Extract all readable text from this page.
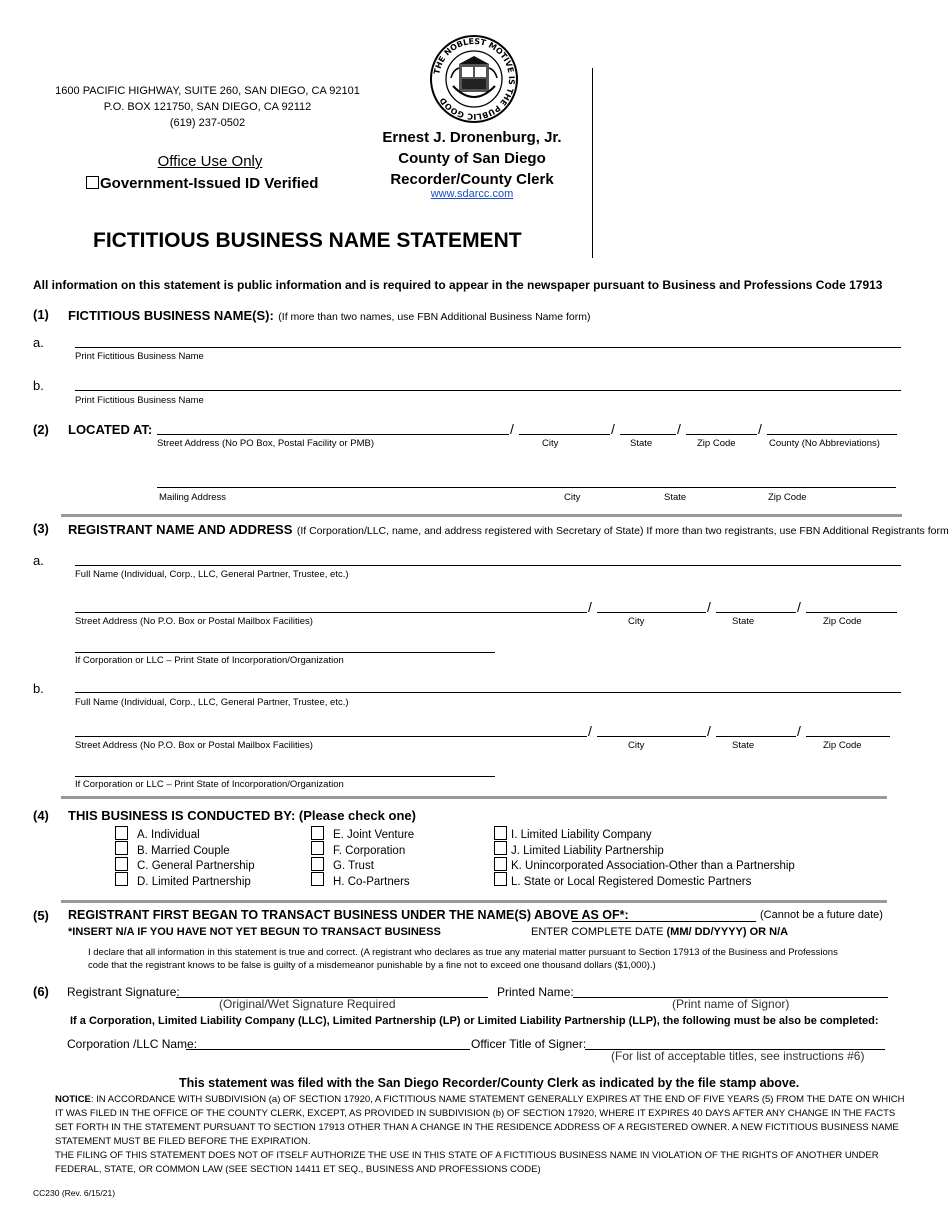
1600 PACIFIC HIGHWAY, SUITE 260, SAN DIEGO, CA 92101
P.O. BOX 121750, SAN DIEGO, CA 92112
(619) 237-0502
Office Use Only
Government-Issued ID Verified
THE NOBLEST MOTIVE IS THE PUBLIC GOOD
Ernest J. Dronenburg, Jr.
County of San Diego
Recorder/County Clerk
www.sdarcc.com
FICTITIOUS BUSINESS NAME STATEMENT
All information on this statement is public information and is required to appear in the newspaper pursuant to Business and Professions Code 17913
(1) FICTITIOUS BUSINESS NAME(S): (If more than two names, use FBN Additional Business Name form)
a.
Print Fictitious Business Name
b.
Print Fictitious Business Name
(2) LOCATED AT:	/	/	/	/
Street Address (No PO Box, Postal Facility or PMB)	City	State	Zip Code	County (No Abbreviations)
Mailing Address	City	State	Zip Code
(3) REGISTRANT NAME AND ADDRESS (If Corporation/LLC, name, and address registered with Secretary of State) If more than two registrants, use FBN Additional Registrants form
a.
Full Name (Individual, Corp., LLC, General Partner, Trustee, etc.)
/	/	/
Street Address (No P.O. Box or Postal Mailbox Facilities)	City	State	Zip Code
If Corporation or LLC – Print State of Incorporation/Organization
b.
Full Name (Individual, Corp., LLC, General Partner, Trustee, etc.)
/	/	/
Street Address (No P.O. Box or Postal Mailbox Facilities)	City	State	Zip Code
If Corporation or LLC – Print State of Incorporation/Organization
(4) THIS BUSINESS IS CONDUCTED BY: (Please check one)
A. Individual
B. Married Couple
C. General Partnership
D. Limited Partnership
E. Joint Venture
F. Corporation
G. Trust
H. Co-Partners
I. Limited Liability Company
J. Limited Liability Partnership
K. Unincorporated Association-Other than a Partnership
L. State or Local Registered Domestic Partners
(5) REGISTRANT FIRST BEGAN TO TRANSACT BUSINESS UNDER THE NAME(S) ABOVE AS OF*:	(Cannot be a future date)
*INSERT N/A IF YOU HAVE NOT YET BEGUN TO TRANSACT BUSINESS	ENTER COMPLETE DATE (MM/ DD/YYYY) OR N/A
I declare that all information in this statement is true and correct. (A registrant who declares as true any material matter pursuant to Section 17913 of the Business and Professions code that the registrant knows to be false is guilty of a misdemeanor punishable by a fine not to exceed one thousand dollars ($1,000).)
(6) Registrant Signature:	Printed Name:
(Original/Wet Signature Required	(Print name of Signor)
If a Corporation, Limited Liability Company (LLC), Limited Partnership (LP) or Limited Liability Partnership (LLP), the following must be also be completed:
Corporation /LLC Name:	Officer Title of Signer:
(For list of acceptable titles, see instructions #6)
This statement was filed with the San Diego Recorder/County Clerk as indicated by the file stamp above.
NOTICE: IN ACCORDANCE WITH SUBDIVISION (a) OF SECTION 17920, A FICTITIOUS NAME STATEMENT GENERALLY EXPIRES AT THE END OF FIVE YEARS (5) FROM THE DATE ON WHICH IT WAS FILED IN THE OFFICE OF THE COUNTY CLERK, EXCEPT, AS PROVIDED IN SUBDIVISION (b) OF SECTION 17920, WHERE IT EXPIRES 40 DAYS AFTER ANY CHANGE IN THE FACTS SET FORTH IN THE STATEMENT PURSUANT TO SECTION 17913 OTHER THAN A CHANGE IN THE RESIDENCE ADDRESS OF A REGISTERED OWNER. A NEW FICTITIOUS BUSINESS NAME STATEMENT MUST BE FILED BEFORE THE EXPIRATION.
THE FILING OF THIS STATEMENT DOES NOT OF ITSELF AUTHORIZE THE USE IN THIS STATE OF A FICTITIOUS BUSINESS NAME IN VIOLATION OF THE RIGHTS OF ANOTHER UNDER FEDERAL, STATE, OR COMMON LAW (SEE SECTION 14411 ET SEQ., BUSINESS AND PROFESSIONS CODE)
CC230 (Rev. 6/15/21)
